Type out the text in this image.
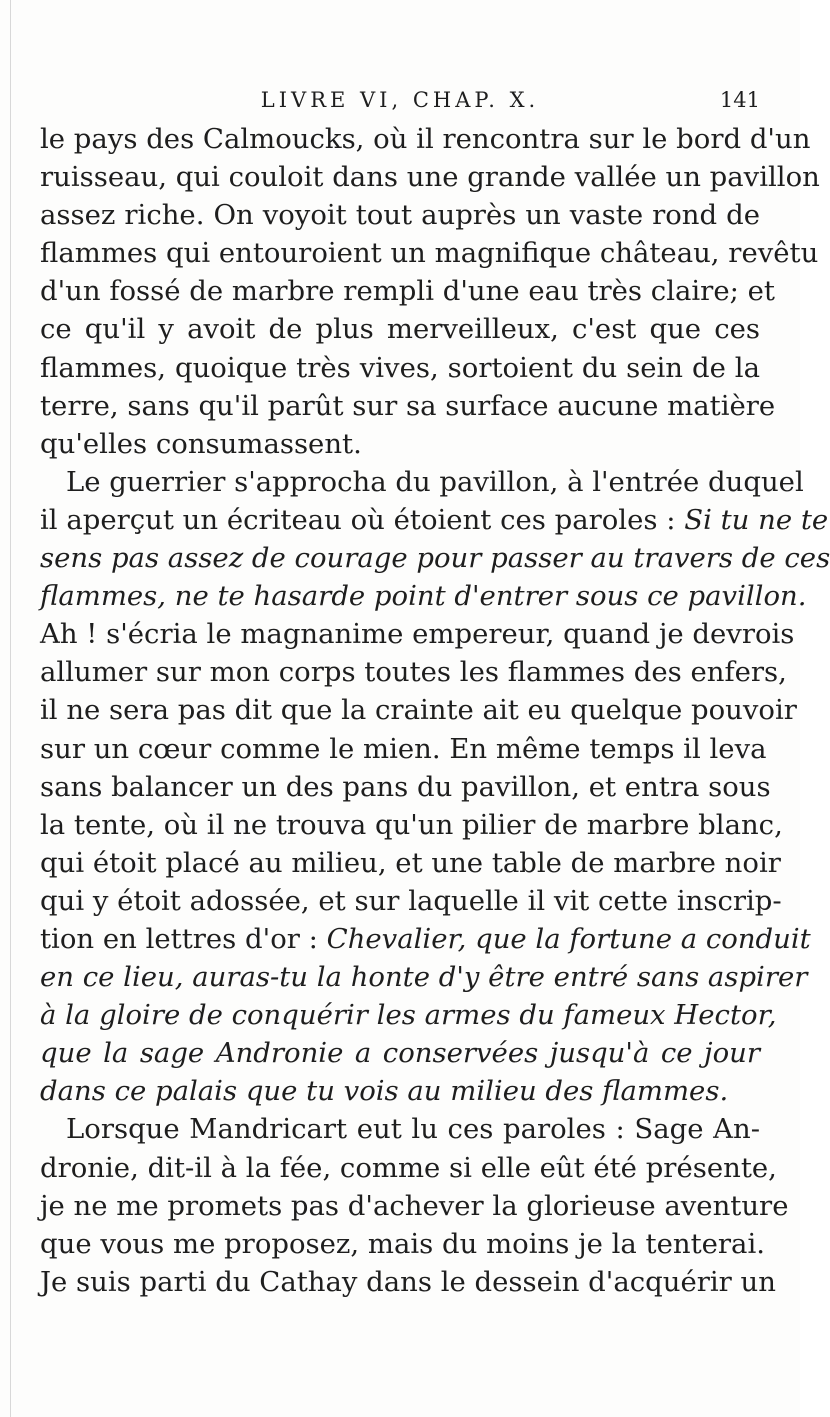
LIVRE VI, CHAP. X.	141
le pays des Calmoucks, où il rencontra sur le bord d'un
ruisseau, qui couloit dans une grande vallée un pavillon
assez riche. On voyoit tout auprès un vaste rond de
flammes qui entouroient un magnifique château, revêtu
d'un fossé de marbre rempli d'une eau très claire; et
ce qu'il y avoit de plus merveilleux, c'est que ces
flammes, quoique très vives, sortoient du sein de la
terre, sans qu'il parût sur sa surface aucune matière
qu'elles consumassent.
Le guerrier s'approcha du pavillon, à l'entrée duquel
il aperçut un écriteau où étoient ces paroles : Si tu ne te
sens pas assez de courage pour passer au travers de ces
flammes, ne te hasarde point d'entrer sous ce pavillon.
Ah ! s'écria le magnanime empereur, quand je devrois
allumer sur mon corps toutes les flammes des enfers,
il ne sera pas dit que la crainte ait eu quelque pouvoir
sur un cœur comme le mien. En même temps il leva
sans balancer un des pans du pavillon, et entra sous
la tente, où il ne trouva qu'un pilier de marbre blanc,
qui étoit placé au milieu, et une table de marbre noir
qui y étoit adossée, et sur laquelle il vit cette inscrip-
tion en lettres d'or : Chevalier, que la fortune a conduit
en ce lieu, auras-tu la honte d'y être entré sans aspirer
à la gloire de conquérir les armes du fameux Hector,
que la sage Andronie a conservées jusqu'à ce jour
dans ce palais que tu vois au milieu des flammes.
Lorsque Mandricart eut lu ces paroles : Sage An-
dronie, dit-il à la fée, comme si elle eût été présente,
je ne me promets pas d'achever la glorieuse aventure
que vous me proposez, mais du moins je la tenterai.
Je suis parti du Cathay dans le dessein d'acquérir un
